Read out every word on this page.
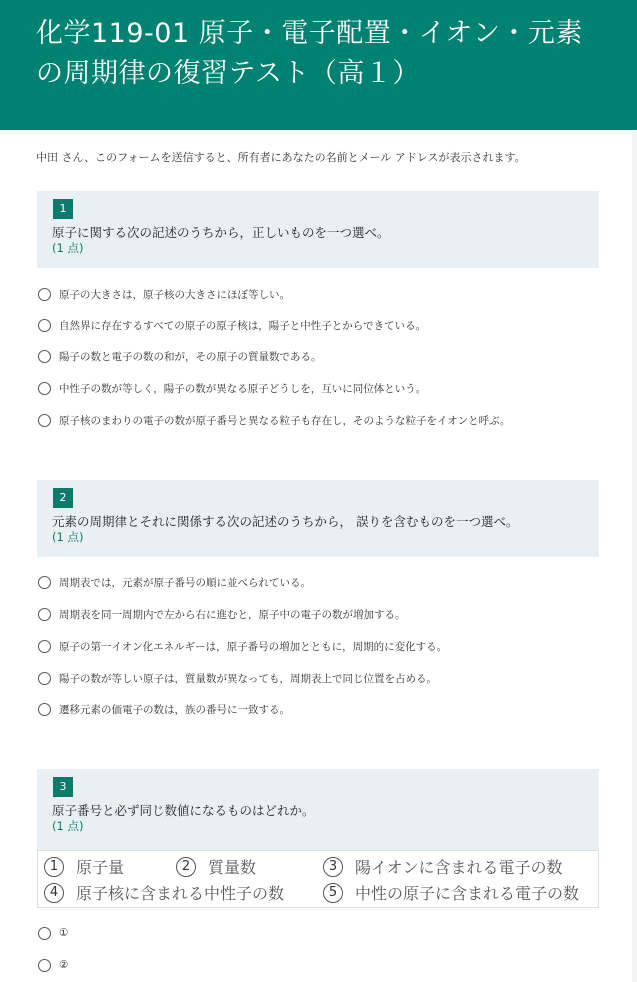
化学119-01 原子・電子配置・イオン・元素の周期律の復習テスト（高１）
中田 さん、このフォームを送信すると、所有者にあなたの名前とメール アドレスが表示されます。
1
原子に関する次の記述のうちから，正しいものを一つ選べ。
(1 点)
原子の大きさは，原子核の大きさにほぼ等しい。
自然界に存在するすべての原子の原子核は，陽子と中性子とからできている。
陽子の数と電子の数の和が，その原子の質量数である。
中性子の数が等しく，陽子の数が異なる原子どうしを，互いに同位体という。
原子核のまわりの電子の数が原子番号と異なる粒子も存在し，そのような粒子をイオンと呼ぶ。
2
元素の周期律とそれに関係する次の記述のうちから， 誤りを含むものを一つ選べ。
(1 点)
周期表では，元素が原子番号の順に並べられている。
周期表を同一周期内で左から右に進むと，原子中の電子の数が増加する。
原子の第一イオン化エネルギーは，原子番号の増加とともに，周期的に変化する。
陽子の数が等しい原子は，質量数が異なっても，周期表上で同じ位置を占める。
遷移元素の価電子の数は，族の番号に一致する。
3
原子番号と必ず同じ数値になるものはどれか。
(1 点)
1	原子量	2	質量数	3	陽イオンに含まれる電子の数
4	原子核に含まれる中性子の数	5	中性の原子に含まれる電子の数
①
②
